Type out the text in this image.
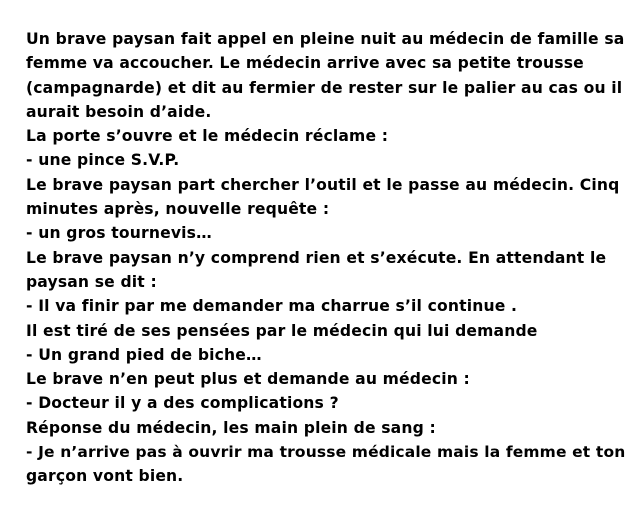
Un brave paysan fait appel en pleine nuit au médecin de famille sa
femme va accoucher. Le médecin arrive avec sa petite trousse
(campagnarde) et dit au fermier de rester sur le palier au cas ou il
aurait besoin d’aide.
La porte s’ouvre et le médecin réclame :
- une pince S.V.P.
Le brave paysan part chercher l’outil et le passe au médecin. Cinq
minutes après, nouvelle requête :
- un gros tournevis…
Le brave paysan n’y comprend rien et s’exécute. En attendant le
paysan se dit :
- Il va finir par me demander ma charrue s’il continue .
Il est tiré de ses pensées par le médecin qui lui demande
- Un grand pied de biche…
Le brave n’en peut plus et demande au médecin :
- Docteur il y a des complications ?
Réponse du médecin, les main plein de sang :
- Je n’arrive pas à ouvrir ma trousse médicale mais la femme et ton
garçon vont bien.
